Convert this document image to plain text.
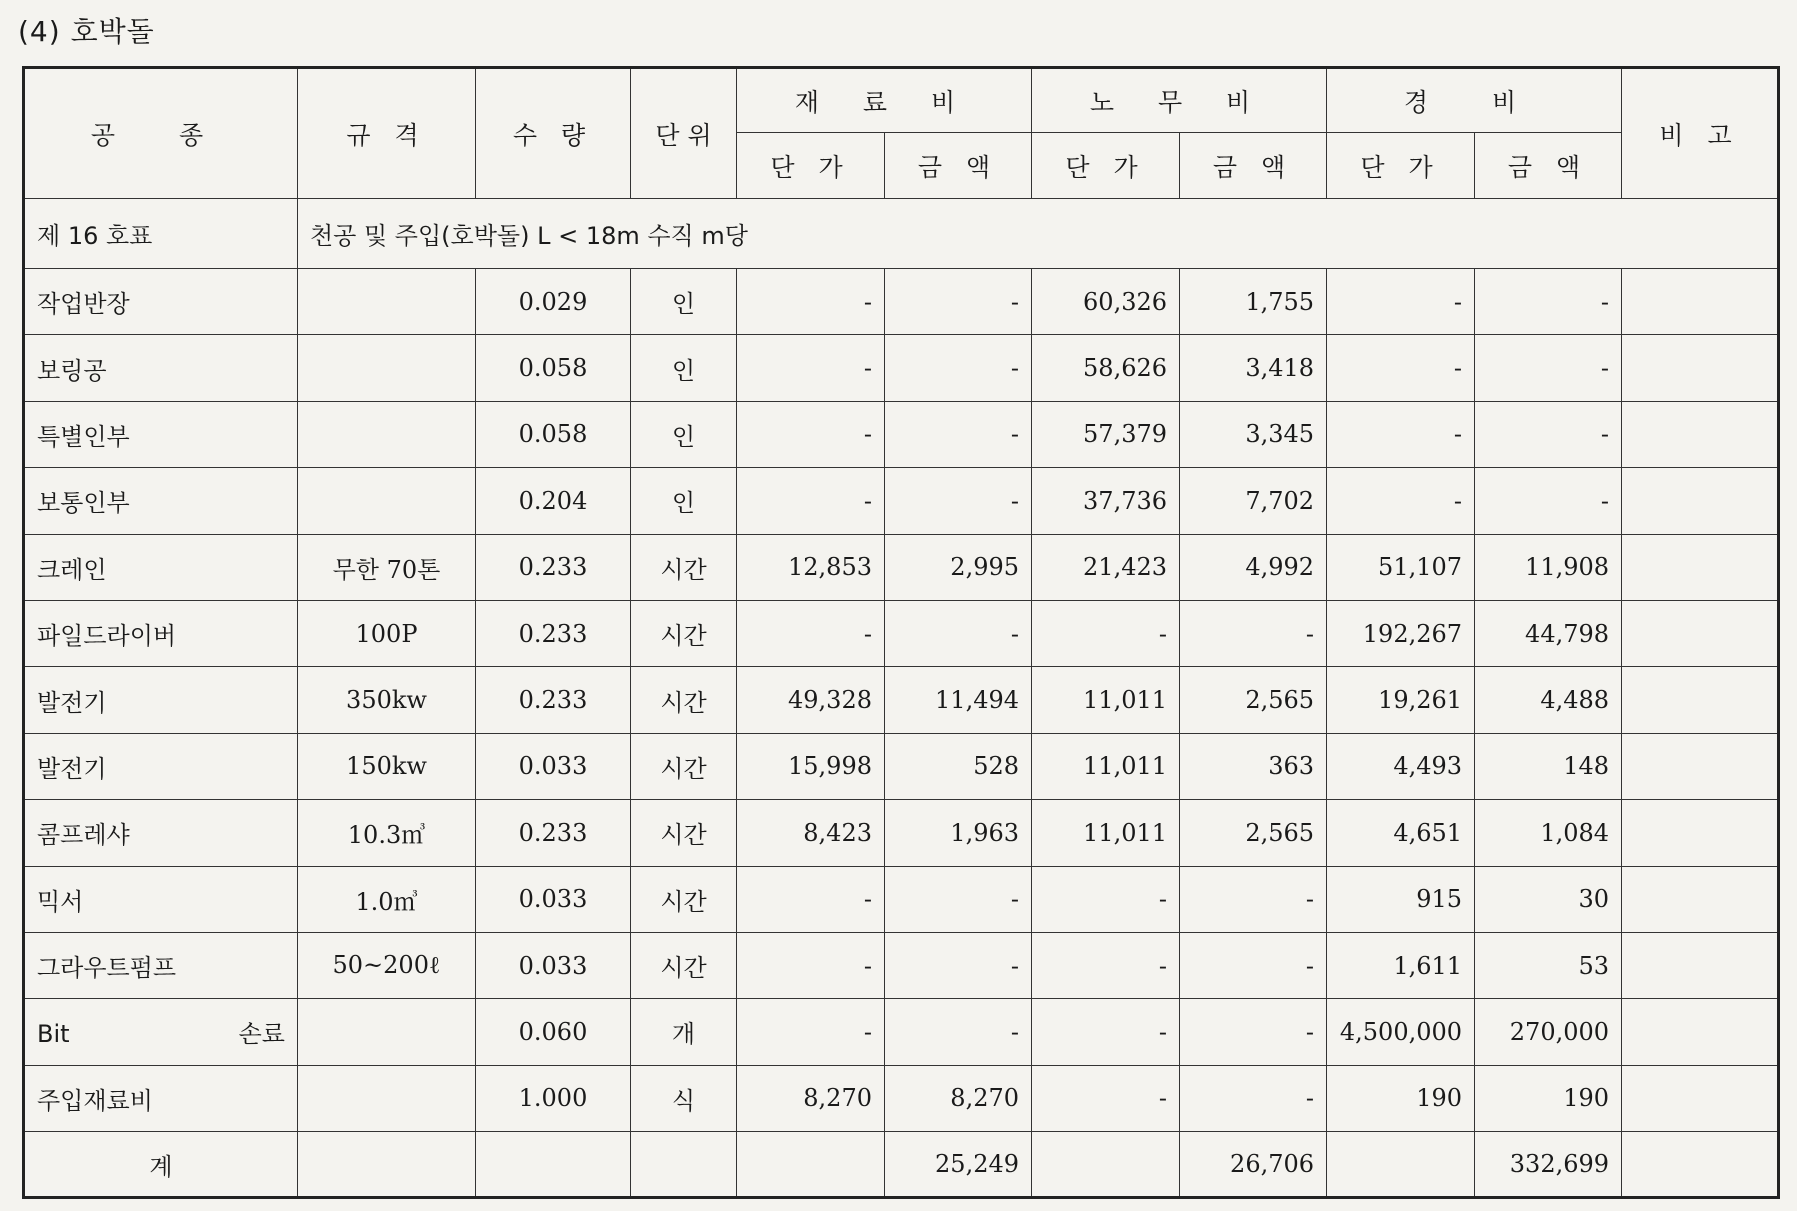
(4) 호박돌
공 종	규 격	수 량	단 위	재 료 비		노 무 비		경 비		비 고
				단 가	금 액	단 가	금 액	단 가	금 액	
제 16 호표	천공 및 주입(호박돌) L < 18m 수직 m당									
작업반장		0.029	인	-	-	60,326	1,755	-	-	
보링공		0.058	인	-	-	58,626	3,418	-	-	
특별인부		0.058	인	-	-	57,379	3,345	-	-	
보통인부		0.204	인	-	-	37,736	7,702	-	-	
크레인	무한 70톤	0.233	시간	12,853	2,995	21,423	4,992	51,107	11,908	
파일드라이버	100P	0.233	시간	-	-	-	-	192,267	44,798	
발전기	350kw	0.233	시간	49,328	11,494	11,011	2,565	19,261	4,488	
발전기	150kw	0.033	시간	15,998	528	11,011	363	4,493	148	
콤프레샤	10.3㎥	0.233	시간	8,423	1,963	11,011	2,565	4,651	1,084	
믹서	1.0㎥	0.033	시간	-	-	-	-	915	30	
그라우트펌프	50~200ℓ	0.033	시간	-	-	-	-	1,611	53	
Bit 손료		0.060	개	-	-	-	-	4,500,000	270,000	
주입재료비		1.000	식	8,270	8,270	-	-	190	190	
계					25,249		26,706		332,699	
